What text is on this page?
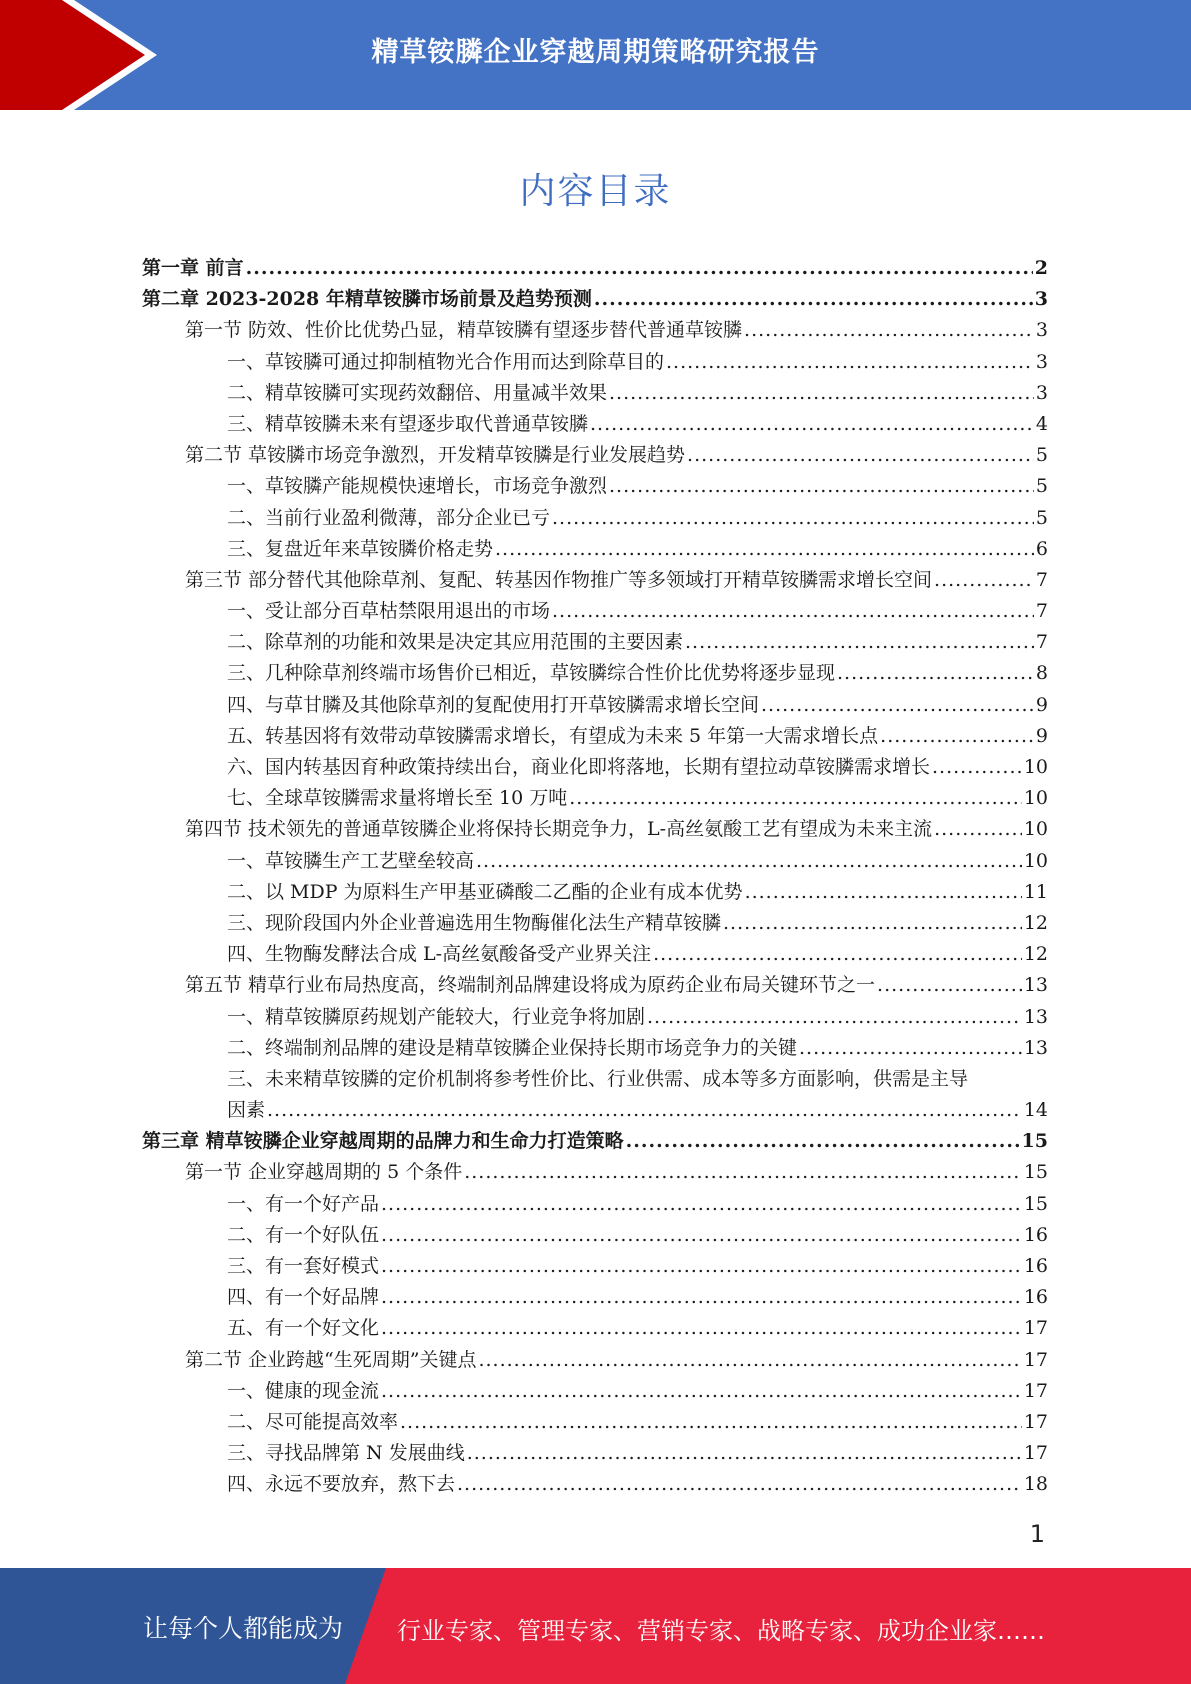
精草铵膦企业穿越周期策略研究报告
内容目录
第一章 前言 .....	2
第二章 2023-2028 年精草铵膦市场前景及趋势预测 .....	3
第一节 防效、性价比优势凸显，精草铵膦有望逐步替代普通草铵膦 .....	3
一、草铵膦可通过抑制植物光合作用而达到除草目的 .....	3
二、精草铵膦可实现药效翻倍、用量减半效果 .....	3
三、精草铵膦未来有望逐步取代普通草铵膦 .....	4
第二节 草铵膦市场竞争激烈，开发精草铵膦是行业发展趋势 .....	5
一、草铵膦产能规模快速增长，市场竞争激烈 .....	5
二、当前行业盈利微薄，部分企业已亏 .....	5
三、复盘近年来草铵膦价格走势 .....	6
第三节 部分替代其他除草剂、复配、转基因作物推广等多领域打开精草铵膦需求增长空间 .....	7
一、受让部分百草枯禁限用退出的市场 .....	7
二、除草剂的功能和效果是决定其应用范围的主要因素 .....	7
三、几种除草剂终端市场售价已相近，草铵膦综合性价比优势将逐步显现 .....	8
四、与草甘膦及其他除草剂的复配使用打开草铵膦需求增长空间 .....	9
五、转基因将有效带动草铵膦需求增长，有望成为未来 5 年第一大需求增长点 .....	9
六、国内转基因育种政策持续出台，商业化即将落地，长期有望拉动草铵膦需求增长 .....	10
七、全球草铵膦需求量将增长至 10 万吨 .....	10
第四节 技术领先的普通草铵膦企业将保持长期竞争力，L-高丝氨酸工艺有望成为未来主流 .....	10
一、草铵膦生产工艺壁垒较高 .....	10
二、以 MDP 为原料生产甲基亚磷酸二乙酯的企业有成本优势 .....	11
三、现阶段国内外企业普遍选用生物酶催化法生产精草铵膦 .....	12
四、生物酶发酵法合成 L-高丝氨酸备受产业界关注 .....	12
第五节 精草行业布局热度高，终端制剂品牌建设将成为原药企业布局关键环节之一 .....	13
一、精草铵膦原药规划产能较大，行业竞争将加剧 .....	13
二、终端制剂品牌的建设是精草铵膦企业保持长期市场竞争力的关键 .....	13
三、未来精草铵膦的定价机制将参考性价比、行业供需、成本等多方面影响，供需是主导
因素 .....	14
第三章 精草铵膦企业穿越周期的品牌力和生命力打造策略 .....	15
第一节 企业穿越周期的 5 个条件 .....	15
一、有一个好产品 .....	15
二、有一个好队伍 .....	16
三、有一套好模式 .....	16
四、有一个好品牌 .....	16
五、有一个好文化 .....	17
第二节 企业跨越“生死周期”关键点 .....	17
一、健康的现金流 .....	17
二、尽可能提高效率 .....	17
三、寻找品牌第 N 发展曲线 .....	17
四、永远不要放弃，熬下去 .....	18
1
让每个人都能成为 行业专家、管理专家、营销专家、战略专家、成功企业家……
